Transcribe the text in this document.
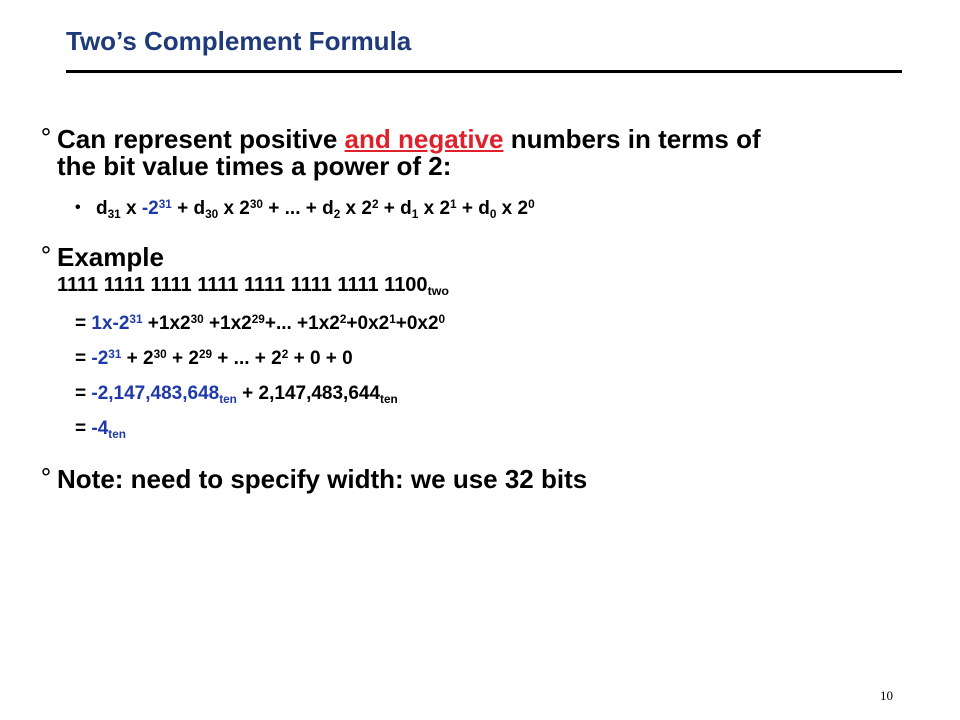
Two’s Complement Formula
° Can represent positive and negative numbers in terms of
the bit value times a power of 2:
• $d_{31}$ x $-2^{31} + d_{30}$ x $2^{30}$ + ... + $d_2$ x $2^2 + d_1$ x $2^1 + d_0$ x $2^0$
° Example
1111 1111 1111 1111 1111 1111 1111 $1100_{two}$
= $1x-2^{31} +1x2^{30} +1x2^{29}+$... $+1x2^2+0x2^1+0x2^0$
= $-2^{31} + 2^{30} + 2^{29}$ + ... + $2^2 + 0 + 0$
= $-2,147,483,648_{ten} + 2,147,483,644_{ten}$
= $-4_{ten}$
° Note: need to specify width: we use 32 bits
10
